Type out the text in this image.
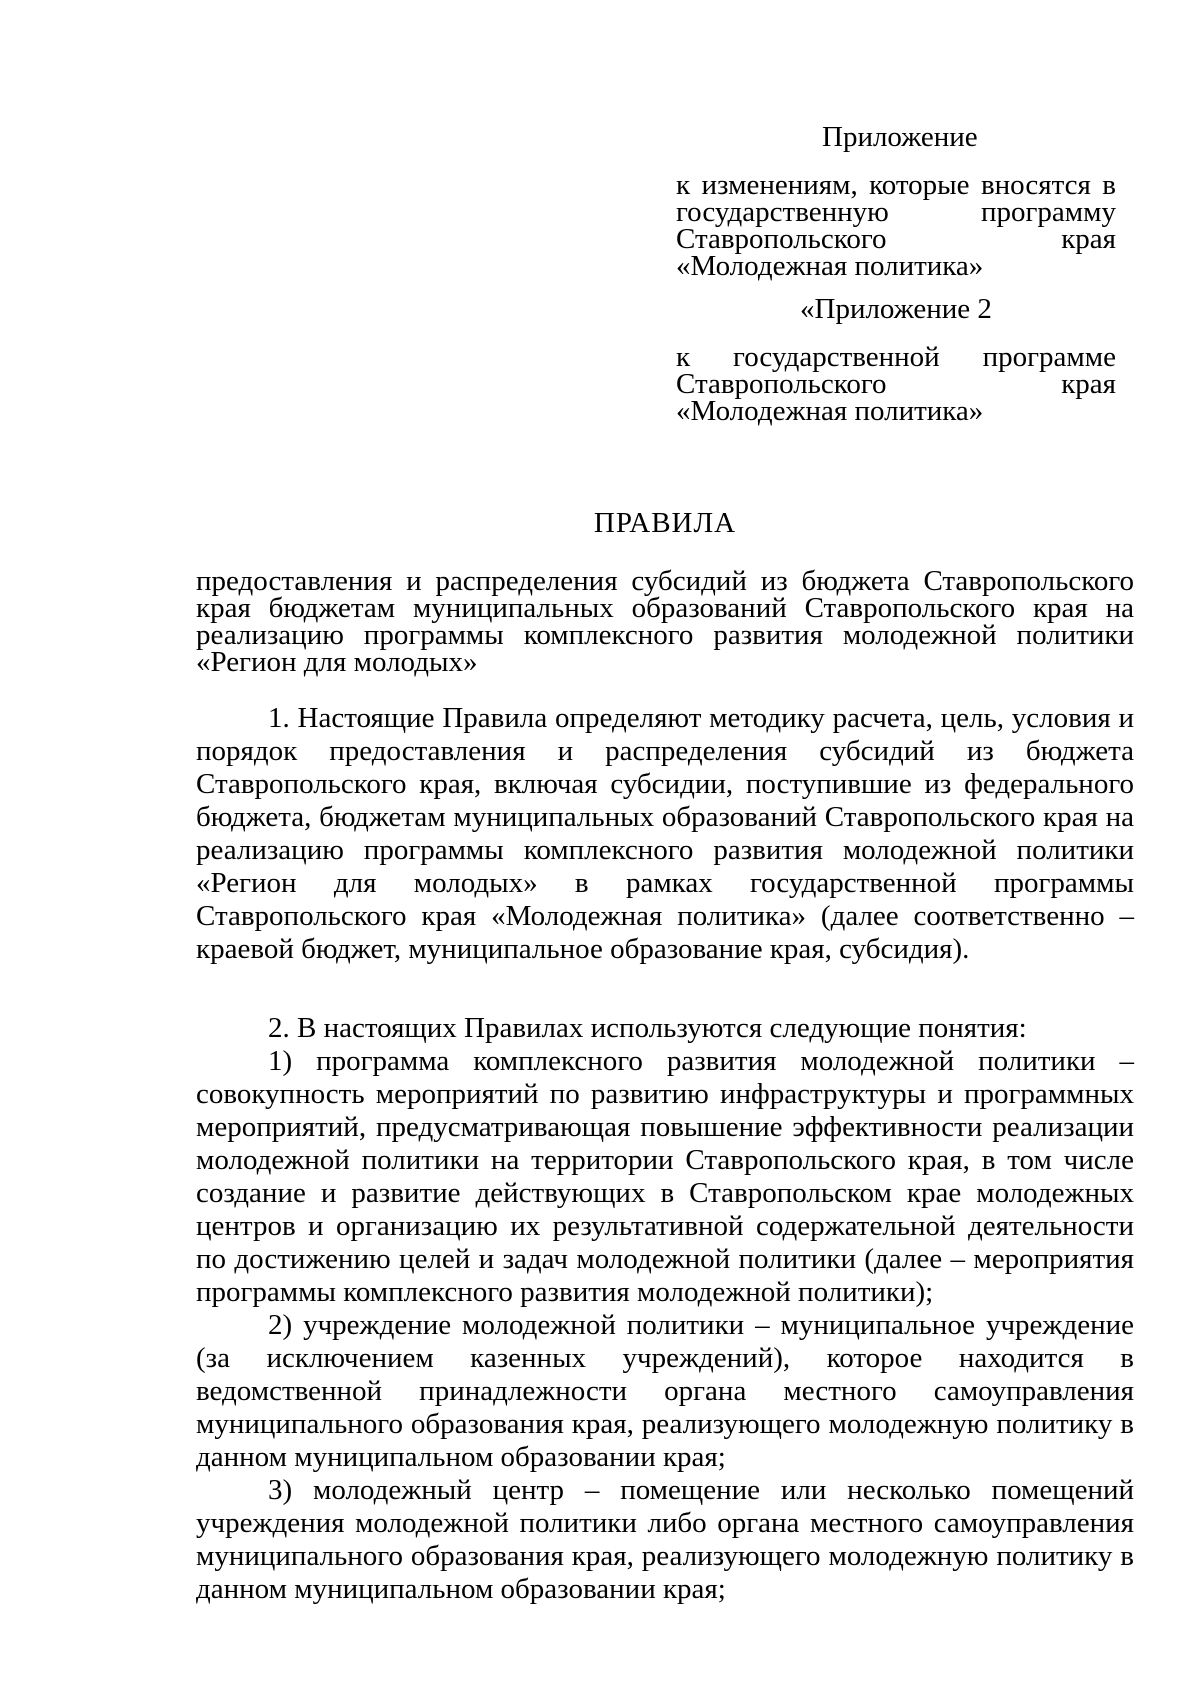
Приложение
к изменениям, которые вносятся в государственную программу Ставропольского края «Молодежная политика»
«Приложение 2
к государственной программе Ставропольского края «Молодежная политика»
ПРАВИЛА
предоставления и распределения субсидий из бюджета Ставропольского края бюджетам муниципальных образований Ставропольского края на реализацию программы комплексного развития молодежной политики «Регион для молодых»

1. Настоящие Правила определяют методику расчета, цель, условия и порядок предоставления и распределения субсидий из бюджета Ставропольского края, включая субсидии, поступившие из федерального бюджета, бюджетам муниципальных образований Ставропольского края на реализацию программы комплексного развития молодежной политики «Регион для молодых» в рамках государственной программы Ставропольского края «Молодежная политика» (далее соответственно – краевой бюджет, муниципальное образование края, субсидия).

2. В настоящих Правилах используются следующие понятия:

1) программа комплексного развития молодежной политики – совокупность мероприятий по развитию инфраструктуры и программных мероприятий, предусматривающая повышение эффективности реализации молодежной политики на территории Ставропольского края, в том числе создание и развитие действующих в Ставропольском крае молодежных центров и организацию их результативной содержательной деятельности по достижению целей и задач молодежной политики (далее – мероприятия программы комплексного развития молодежной политики);

2) учреждение молодежной политики – муниципальное учреждение (за исключением казенных учреждений), которое находится в ведомственной принадлежности органа местного самоуправления муниципального образования края, реализующего молодежную политику в данном муниципальном образовании края;

3) молодежный центр – помещение или несколько помещений учреждения молодежной политики либо органа местного самоуправления муниципального образования края, реализующего молодежную политику в данном муниципальном образовании края;
